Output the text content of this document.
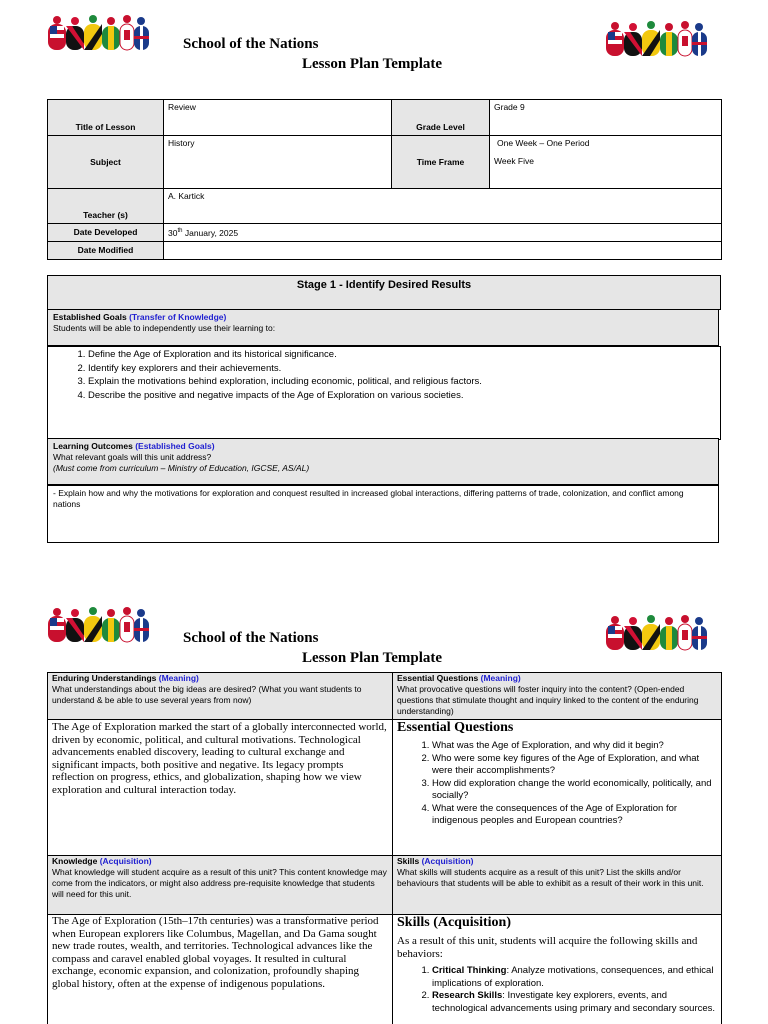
School of the Nations
Lesson Plan Template
Title of Lesson	Review	Grade Level	Grade 9
Subject	History	Time Frame	One Week – One Period
Week Five

Teacher (s)	A. Kartick		
Date Developed	30th January, 2025		
Date Modified			
Stage 1 - Identify Desired Results
Established Goals (Transfer of Knowledge)
Students will be able to independently use their learning to:
1. Define the Age of Exploration and its historical significance.
2. Identify key explorers and their achievements.
3. Explain the motivations behind exploration, including economic, political, and religious factors.
4. Describe the positive and negative impacts of the Age of Exploration on various societies.
Learning Outcomes (Established Goals)
What relevant goals will this unit address?
(Must come from curriculum – Ministry of Education, IGCSE, AS/AL)
- Explain how and why the motivations for exploration and conquest resulted in increased global interactions, differing patterns of trade, colonization, and conflict among nations
School of the Nations
Lesson Plan Template
Enduring Understandings (Meaning)
What understandings about the big ideas are desired? (What you want students to understand & be able to use several years from now)
Essential Questions (Meaning)
What provocative questions will foster inquiry into the content? (Open-ended questions that stimulate thought and inquiry linked to the content of the enduring understanding)
The Age of Exploration marked the start of a globally interconnected world, driven by economic, political, and cultural motivations. Technological advancements enabled discovery, leading to cultural exchange and significant impacts, both positive and negative. Its legacy prompts reflection on progress, ethics, and globalization, shaping how we view exploration and cultural interaction today.
Essential Questions
1. What was the Age of Exploration, and why did it begin?
2. Who were some key figures of the Age of Exploration, and what were their accomplishments?
3. How did exploration change the world economically, politically, and socially?
4. What were the consequences of the Age of Exploration for indigenous peoples and European countries?
Knowledge (Acquisition)
What knowledge will student acquire as a result of this unit? This content knowledge may come from the indicators, or might also address pre-requisite knowledge that students will need for this unit.
Skills (Acquisition)
What skills will students acquire as a result of this unit? List the skills and/or behaviours that students will be able to exhibit as a result of their work in this unit.
The Age of Exploration (15th–17th centuries) was a transformative period when European explorers like Columbus, Magellan, and Da Gama sought new trade routes, wealth, and territories. Technological advances like the compass and caravel enabled global voyages. It resulted in cultural exchange, economic expansion, and colonization, profoundly shaping global history, often at the expense of indigenous populations.
Skills (Acquisition)
As a result of this unit, students will acquire the following skills and behaviors:
1. Critical Thinking: Analyze motivations, consequences, and ethical implications of exploration.
2. Research Skills: Investigate key explorers, events, and technological advancements using primary and secondary sources.
